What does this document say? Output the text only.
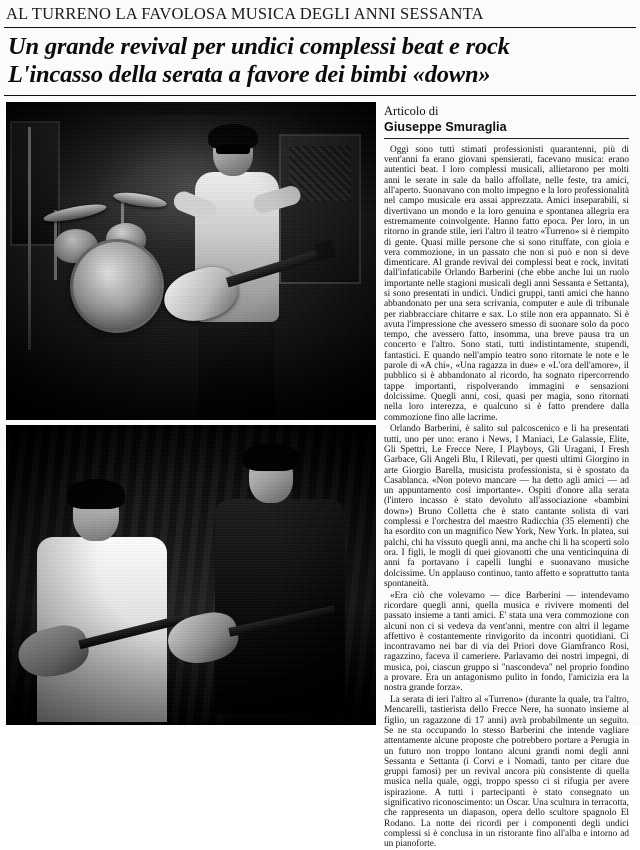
AL TURRENO LA FAVOLOSA MUSICA DEGLI ANNI SESSANTA
Un grande revival per undici complessi beat e rock
L'incasso della serata a favore dei bimbi «down»
Articolo di
Giuseppe Smuraglia

Oggi sono tutti stimati professionisti quarantenni, più di vent'anni fa erano giovani spensierati, facevano musica: erano autentici beat. I loro complessi musicali, allietarono per molti anni le serate in sale da ballo affollate, nelle feste, tra amici, all'aperto. Suonavano con molto impegno e la loro professionalità nel campo musicale era assai apprezzata. Amici inseparabili, si divertivano un mondo e la loro genuina e spontanea allegria era estremamente coinvolgente. Hanno fatto epoca. Per loro, in un ritorno in grande stile, ieri l'altro il teatro «Turreno» si è riempito di gente. Quasi mille persone che si sono rituffate, con gioia e vera commozione, in un passato che non si può e non si deve dimenticare. Al grande revival dei complessi beat e rock, invitati dall'infaticabile Orlando Barberini (che ebbe anche lui un ruolo importante nelle stagioni musicali degli anni Sessanta e Settanta), si sono presentati in undici. Undici gruppi, tanti amici che hanno abbandonato per una sera scrivania, computer e aule di tribunale per riabbracciare chitarre e sax. Lo stile non era appannato. Si è avuta l'impressione che avessero smesso di suonare solo da poco tempo, che avessero fatto, insomma, una breve pausa tra un concerto e l'altro. Sono stati, tutti indistintamente, stupendi, fantastici. E quando nell'ampio teatro sono ritornate le note e le parole di «A chi», «Una ragazza in due» e «L'ora dell'amore», il pubblico si è abbandonato al ricordo, ha sognato ripercorrendo tappe importanti, rispolverando immagini e sensazioni dolcissime. Quegli anni, così, quasi per magia, sono ritornati nella loro interezza, e qualcuno si è fatto prendere dalla commozione fino alle lacrime.

Orlando Barberini, è salito sul palcoscenico e li ha presentati tutti, uno per uno: erano i News, I Maniaci, Le Galassie, Elite, Gli Spettri, Le Frecce Nere, I Playboys, Gli Uragani, I Fresh Garbace, Gli Angeli Blu, I Rilevati, per questi ultimi Giorgino in arte Giorgio Barella, musicista professionista, si è spostato da Casablanca. «Non potevo mancare — ha detto agli amici — ad un appuntamento così importante». Ospiti d'onore alla serata (l'intero incasso è stato devoluto all'associazione «bambini down») Bruno Colletta che è stato cantante solista di vari complessi e l'orchestra del maestro Radicchia (35 elementi) che ha esordito con un magnifico New York, New York. In platea, sui palchi, chi ha vissuto quegli anni, ma anche chi li ha scoperti solo ora. I figli, le mogli di quei giovanotti che una venticinquina di anni fa portavano i capelli lunghi e suonavano musiche dolcissime. Un applauso continuo, tanto affetto e soprattutto tanta spontaneità.

«Era ciò che volevamo — dice Barberini — intendevamo ricordare quegli anni, quella musica e rivivere momenti del passato insieme a tanti amici. E' stata una vera commozione con alcuni non ci si vedeva da vent'anni, mentre con altri il legame affettivo è costantemente rinvigorito da incontri quotidiani. Ci incontravamo nei bar di via dei Priori dove Giamfranco Rosi, ragazzino, faceva il cameriere. Parlavamo dei nostri impegni, di musica, poi, ciascun gruppo si "nascondeva" nel proprio fondino a provare. Era un antagonismo pulito in fondo, l'amicizia era la nostra grande forza».

La serata di ieri l'altro al «Turreno» (durante la quale, tra l'altro, Mencarelli, tastierista dello Frecce Nere, ha suonato insieme al figlio, un ragazzone di 17 anni) avrà probabilmente un seguito. Se ne sta occupando lo stesso Barberini che intende vagliare attentamente alcune proposte che potrebbero portare a Perugia in un futuro non troppo lontano alcuni grandi nomi degli anni Sessanta e Settanta (i Corvi e i Nomadi, tanto per citare due gruppi famosi) per un revival ancora più consistente di quella musica nella quale, oggi, troppo spesso ci si rifugia per avere ispirazione. A tutti i partecipanti è stato consegnato un significativo riconoscimento: un Oscar. Una scultura in terracotta, che rappresenta un diapason, opera dello scultore spagnolo El Rodano. La notte dei ricordi per i componenti degli undici complessi si è conclusa in un ristorante fino all'alba e intorno ad un pianoforte.
